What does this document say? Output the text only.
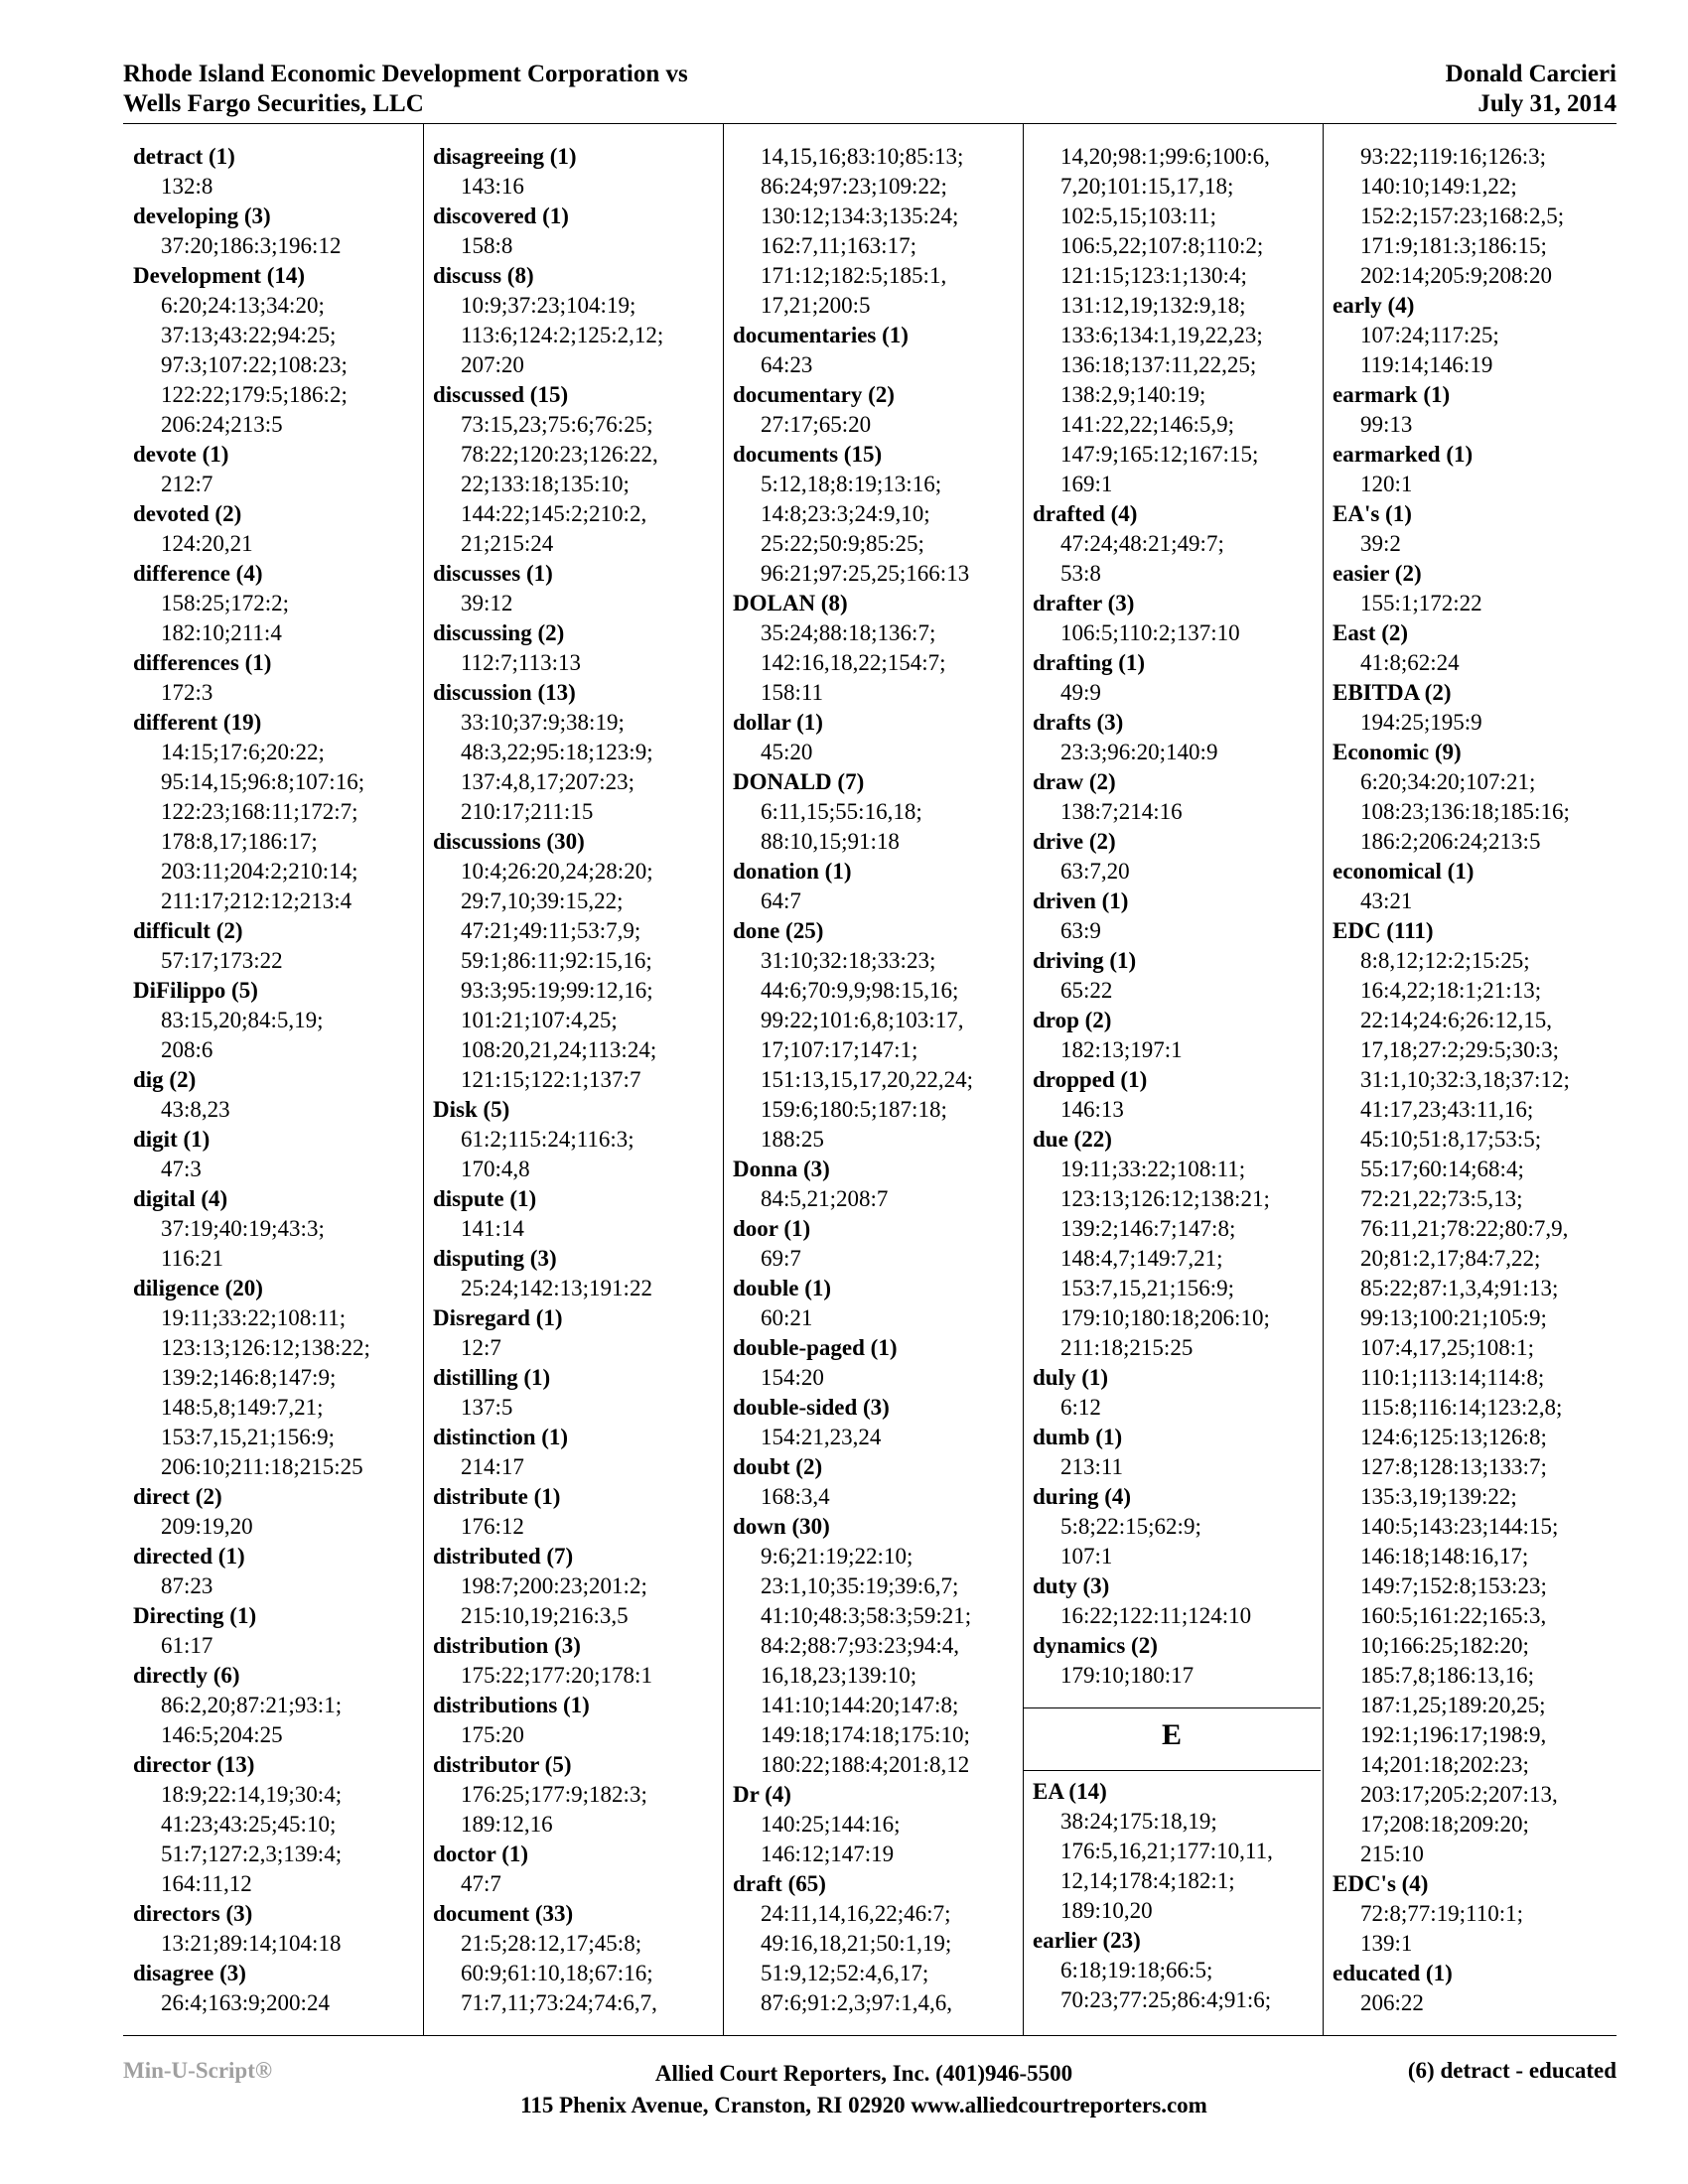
Rhode Island Economic Development Corporation vs
Wells Fargo Securities, LLC
Donald Carcieri
July 31, 2014
detract (1)
132:8
developing (3)
37:20;186:3;196:12
Development (14)
6:20;24:13;34:20;
37:13;43:22;94:25;
97:3;107:22;108:23;
122:22;179:5;186:2;
206:24;213:5
devote (1)
212:7
devoted (2)
124:20,21
difference (4)
158:25;172:2;
182:10;211:4
differences (1)
172:3
different (19)
14:15;17:6;20:22;
95:14,15;96:8;107:16;
122:23;168:11;172:7;
178:8,17;186:17;
203:11;204:2;210:14;
211:17;212:12;213:4
difficult (2)
57:17;173:22
DiFilippo (5)
83:15,20;84:5,19;
208:6
dig (2)
43:8,23
digit (1)
47:3
digital (4)
37:19;40:19;43:3;
116:21
diligence (20)
19:11;33:22;108:11;
123:13;126:12;138:22;
139:2;146:8;147:9;
148:5,8;149:7,21;
153:7,15,21;156:9;
206:10;211:18;215:25
direct (2)
209:19,20
directed (1)
87:23
Directing (1)
61:17
directly (6)
86:2,20;87:21;93:1;
146:5;204:25
director (13)
18:9;22:14,19;30:4;
41:23;43:25;45:10;
51:7;127:2,3;139:4;
164:11,12
directors (3)
13:21;89:14;104:18
disagree (3)
26:4;163:9;200:24
disagreeing (1)
143:16
discovered (1)
158:8
discuss (8)
10:9;37:23;104:19;
113:6;124:2;125:2,12;
207:20
discussed (15)
73:15,23;75:6;76:25;
78:22;120:23;126:22,
22;133:18;135:10;
144:22;145:2;210:2,
21;215:24
discusses (1)
39:12
discussing (2)
112:7;113:13
discussion (13)
33:10;37:9;38:19;
48:3,22;95:18;123:9;
137:4,8,17;207:23;
210:17;211:15
discussions (30)
10:4;26:20,24;28:20;
29:7,10;39:15,22;
47:21;49:11;53:7,9;
59:1;86:11;92:15,16;
93:3;95:19;99:12,16;
101:21;107:4,25;
108:20,21,24;113:24;
121:15;122:1;137:7
Disk (5)
61:2;115:24;116:3;
170:4,8
dispute (1)
141:14
disputing (3)
25:24;142:13;191:22
Disregard (1)
12:7
distilling (1)
137:5
distinction (1)
214:17
distribute (1)
176:12
distributed (7)
198:7;200:23;201:2;
215:10,19;216:3,5
distribution (3)
175:22;177:20;178:1
distributions (1)
175:20
distributor (5)
176:25;177:9;182:3;
189:12,16
doctor (1)
47:7
document (33)
21:5;28:12,17;45:8;
60:9;61:10,18;67:16;
71:7,11;73:24;74:6,7,
14,15,16;83:10;85:13;
86:24;97:23;109:22;
130:12;134:3;135:24;
162:7,11;163:17;
171:12;182:5;185:1,
17,21;200:5
documentaries (1)
64:23
documentary (2)
27:17;65:20
documents (15)
5:12,18;8:19;13:16;
14:8;23:3;24:9,10;
25:22;50:9;85:25;
96:21;97:25,25;166:13
DOLAN (8)
35:24;88:18;136:7;
142:16,18,22;154:7;
158:11
dollar (1)
45:20
DONALD (7)
6:11,15;55:16,18;
88:10,15;91:18
donation (1)
64:7
done (25)
31:10;32:18;33:23;
44:6;70:9,9;98:15,16;
99:22;101:6,8;103:17,
17;107:17;147:1;
151:13,15,17,20,22,24;
159:6;180:5;187:18;
188:25
Donna (3)
84:5,21;208:7
door (1)
69:7
double (1)
60:21
double-paged (1)
154:20
double-sided (3)
154:21,23,24
doubt (2)
168:3,4
down (30)
9:6;21:19;22:10;
23:1,10;35:19;39:6,7;
41:10;48:3;58:3;59:21;
84:2;88:7;93:23;94:4,
16,18,23;139:10;
141:10;144:20;147:8;
149:18;174:18;175:10;
180:22;188:4;201:8,12
Dr (4)
140:25;144:16;
146:12;147:19
draft (65)
24:11,14,16,22;46:7;
49:16,18,21;50:1,19;
51:9,12;52:4,6,17;
87:6;91:2,3;97:1,4,6,
14,20;98:1;99:6;100:6,
7,20;101:15,17,18;
102:5,15;103:11;
106:5,22;107:8;110:2;
121:15;123:1;130:4;
131:12,19;132:9,18;
133:6;134:1,19,22,23;
136:18;137:11,22,25;
138:2,9;140:19;
141:22,22;146:5,9;
147:9;165:12;167:15;
169:1
drafted (4)
47:24;48:21;49:7;
53:8
drafter (3)
106:5;110:2;137:10
drafting (1)
49:9
drafts (3)
23:3;96:20;140:9
draw (2)
138:7;214:16
drive (2)
63:7,20
driven (1)
63:9
driving (1)
65:22
drop (2)
182:13;197:1
dropped (1)
146:13
due (22)
19:11;33:22;108:11;
123:13;126:12;138:21;
139:2;146:7;147:8;
148:4,7;149:7,21;
153:7,15,21;156:9;
179:10;180:18;206:10;
211:18;215:25
duly (1)
6:12
dumb (1)
213:11
during (4)
5:8;22:15;62:9;
107:1
duty (3)
16:22;122:11;124:10
dynamics (2)
179:10;180:17
93:22;119:16;126:3;
140:10;149:1,22;
152:2;157:23;168:2,5;
171:9;181:3;186:15;
202:14;205:9;208:20
early (4)
107:24;117:25;
119:14;146:19
earmark (1)
99:13
earmarked (1)
120:1
EA's (1)
39:2
easier (2)
155:1;172:22
East (2)
41:8;62:24
EBITDA (2)
194:25;195:9
Economic (9)
6:20;34:20;107:21;
108:23;136:18;185:16;
186:2;206:24;213:5
economical (1)
43:21
EDC (111)
8:8,12;12:2;15:25;
16:4,22;18:1;21:13;
22:14;24:6;26:12,15,
17,18;27:2;29:5;30:3;
31:1,10;32:3,18;37:12;
41:17,23;43:11,16;
45:10;51:8,17;53:5;
55:17;60:14;68:4;
72:21,22;73:5,13;
76:11,21;78:22;80:7,9,
20;81:2,17;84:7,22;
85:22;87:1,3,4;91:13;
99:13;100:21;105:9;
107:4,17,25;108:1;
110:1;113:14;114:8;
115:8;116:14;123:2,8;
124:6;125:13;126:8;
127:8;128:13;133:7;
135:3,19;139:22;
140:5;143:23;144:15;
146:18;148:16,17;
149:7;152:8;153:23;
160:5;161:22;165:3,
10;166:25;182:20;
185:7,8;186:13,16;
187:1,25;189:20,25;
192:1;196:17;198:9,
14;201:18;202:23;
203:17;205:2;207:13,
17;208:18;209:20;
215:10
EDC's (4)
72:8;77:19;110:1;
139:1
educated (1)
206:22
E
EA (14)
38:24;175:18,19;
176:5,16,21;177:10,11,
12,14;178:4;182:1;
189:10,20
earlier (23)
6:18;19:18;66:5;
70:23;77:25;86:4;91:6;
Min-U-Script®	Allied Court Reporters, Inc. (401)946-5500
115 Phenix Avenue, Cranston, RI 02920 www.alliedcourtreporters.com
(6) detract - educated
